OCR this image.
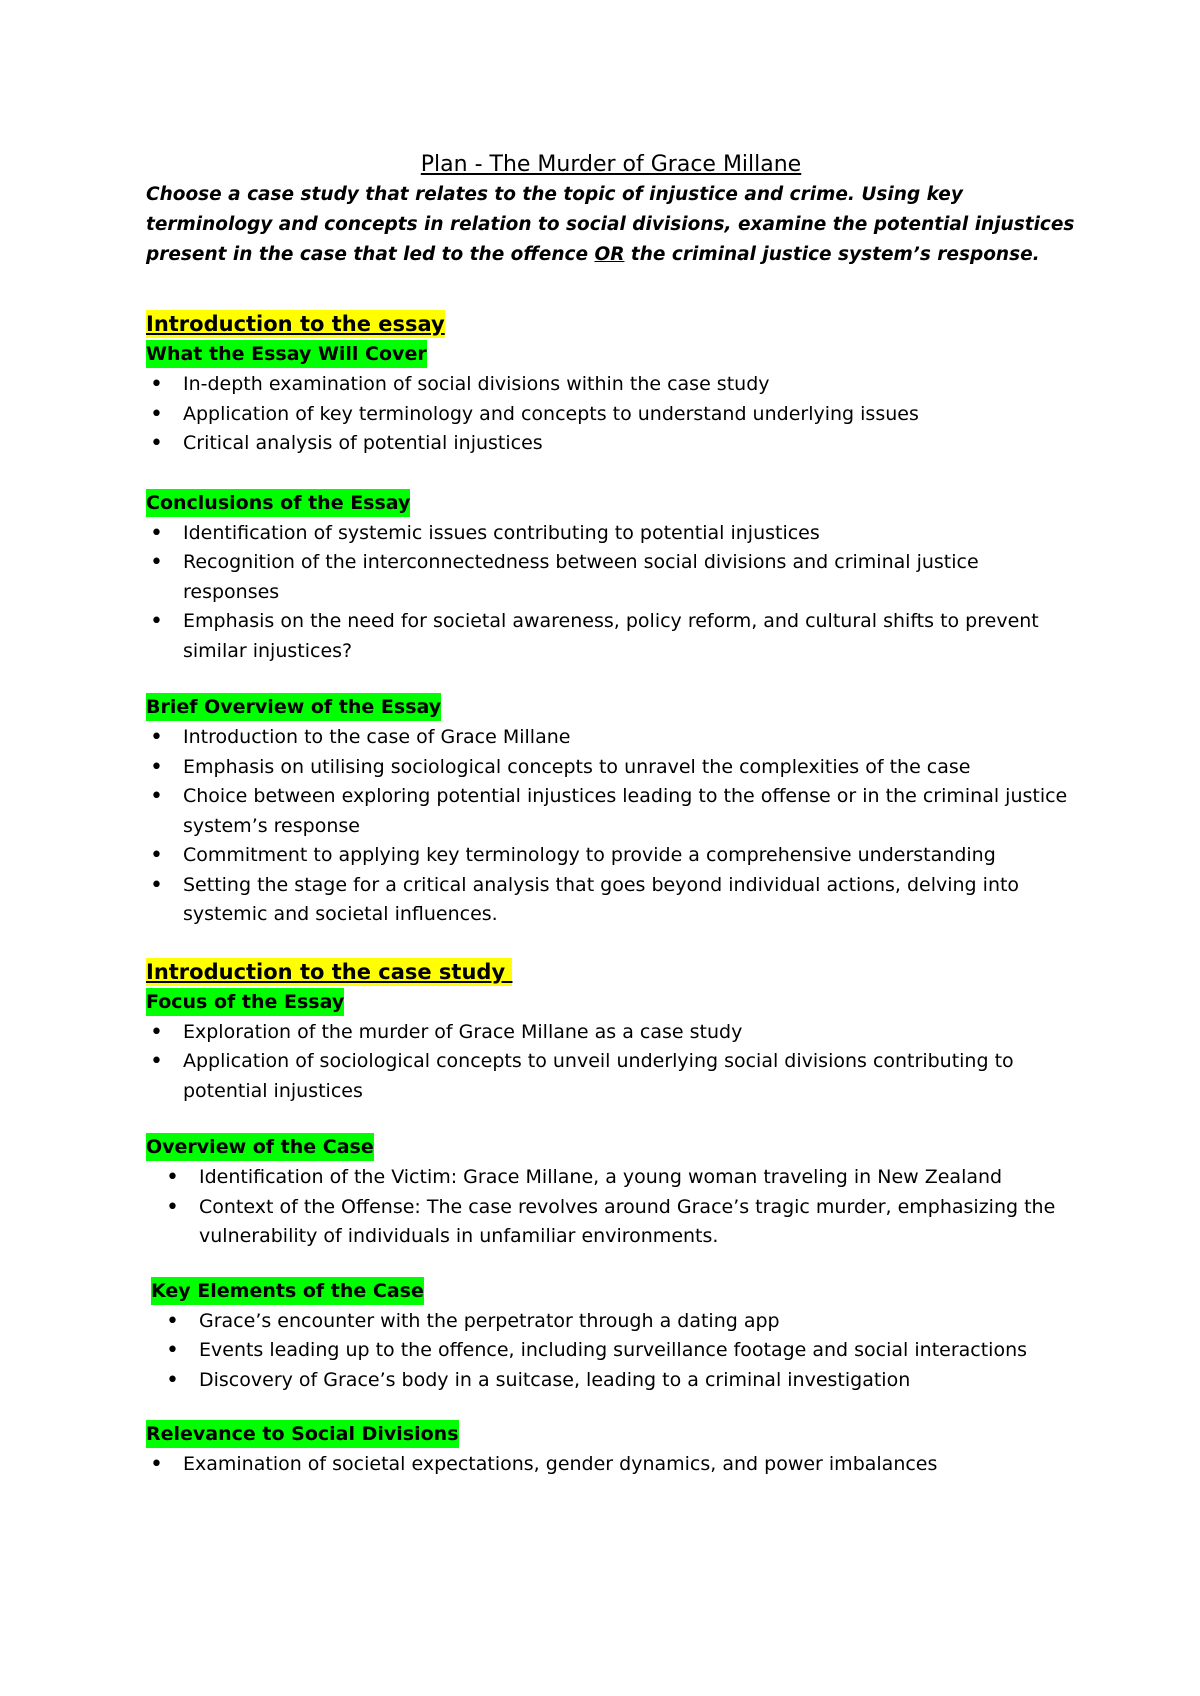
Plan - The Murder of Grace Millane

Choose a case study that relates to the topic of injustice and crime. Using key terminology and concepts in relation to social divisions, examine the potential injustices present in the case that led to the offence OR the criminal justice system’s response.

Introduction to the essay
What the Essay Will Cover
• In-depth examination of social divisions within the case study
• Application of key terminology and concepts to understand underlying issues
• Critical analysis of potential injustices
Conclusions of the Essay
• Identification of systemic issues contributing to potential injustices
• Recognition of the interconnectedness between social divisions and criminal justice responses
• Emphasis on the need for societal awareness, policy reform, and cultural shifts to prevent similar injustices?
Brief Overview of the Essay
• Introduction to the case of Grace Millane
• Emphasis on utilising sociological concepts to unravel the complexities of the case
• Choice between exploring potential injustices leading to the offense or in the criminal justice system’s response
• Commitment to applying key terminology to provide a comprehensive understanding
• Setting the stage for a critical analysis that goes beyond individual actions, delving into systemic and societal influences.
Introduction to the case study
Focus of the Essay
• Exploration of the murder of Grace Millane as a case study
• Application of sociological concepts to unveil underlying social divisions contributing to potential injustices
Overview of the Case
• Identification of the Victim: Grace Millane, a young woman traveling in New Zealand
• Context of the Offense: The case revolves around Grace’s tragic murder, emphasizing the vulnerability of individuals in unfamiliar environments.
Key Elements of the Case
• Grace’s encounter with the perpetrator through a dating app
• Events leading up to the offence, including surveillance footage and social interactions
• Discovery of Grace’s body in a suitcase, leading to a criminal investigation
Relevance to Social Divisions
• Examination of societal expectations, gender dynamics, and power imbalances
